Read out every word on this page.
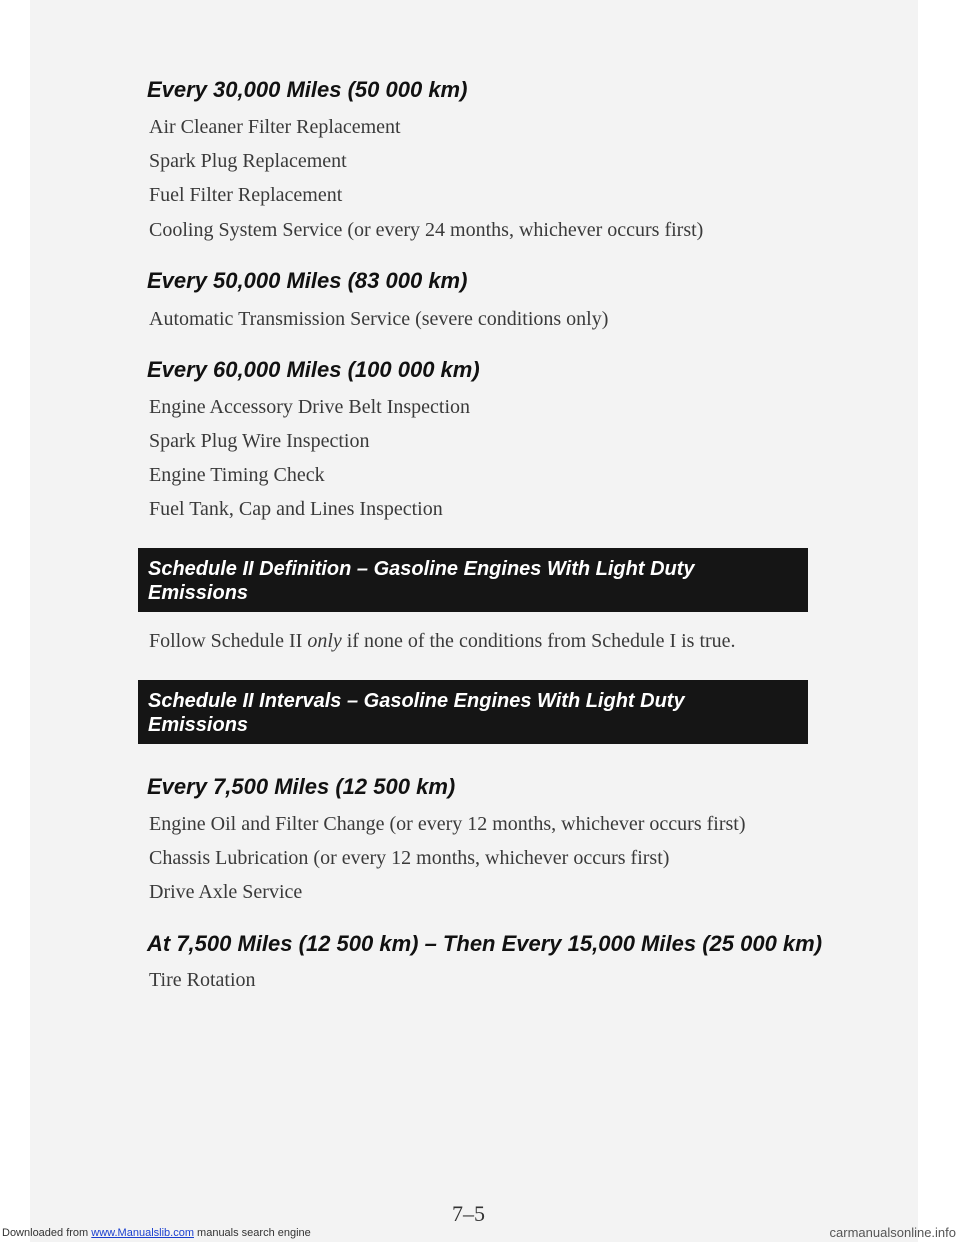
Every 30,000 Miles (50 000 km)

Air Cleaner Filter Replacement

Spark Plug Replacement

Fuel Filter Replacement

Cooling System Service (or every 24 months, whichever occurs first)

Every 50,000 Miles (83 000 km)

Automatic Transmission Service (severe conditions only)

Every 60,000 Miles (100 000 km)

Engine Accessory Drive Belt Inspection

Spark Plug Wire Inspection

Engine Timing Check

Fuel Tank, Cap and Lines Inspection

Schedule II Definition – Gasoline Engines With Light Duty
Emissions

Follow Schedule II only if none of the conditions from Schedule I is true.

Schedule II Intervals – Gasoline Engines With Light Duty
Emissions
Every 7,500 Miles (12 500 km)

Engine Oil and Filter Change (or every 12 months, whichever occurs first)

Chassis Lubrication (or every 12 months, whichever occurs first)

Drive Axle Service

At 7,500 Miles (12 500 km) – Then Every 15,000 Miles (25 000 km)

Tire Rotation

7–5
Downloaded from www.Manualslib.com manuals search engine	carmanualsonline.info
